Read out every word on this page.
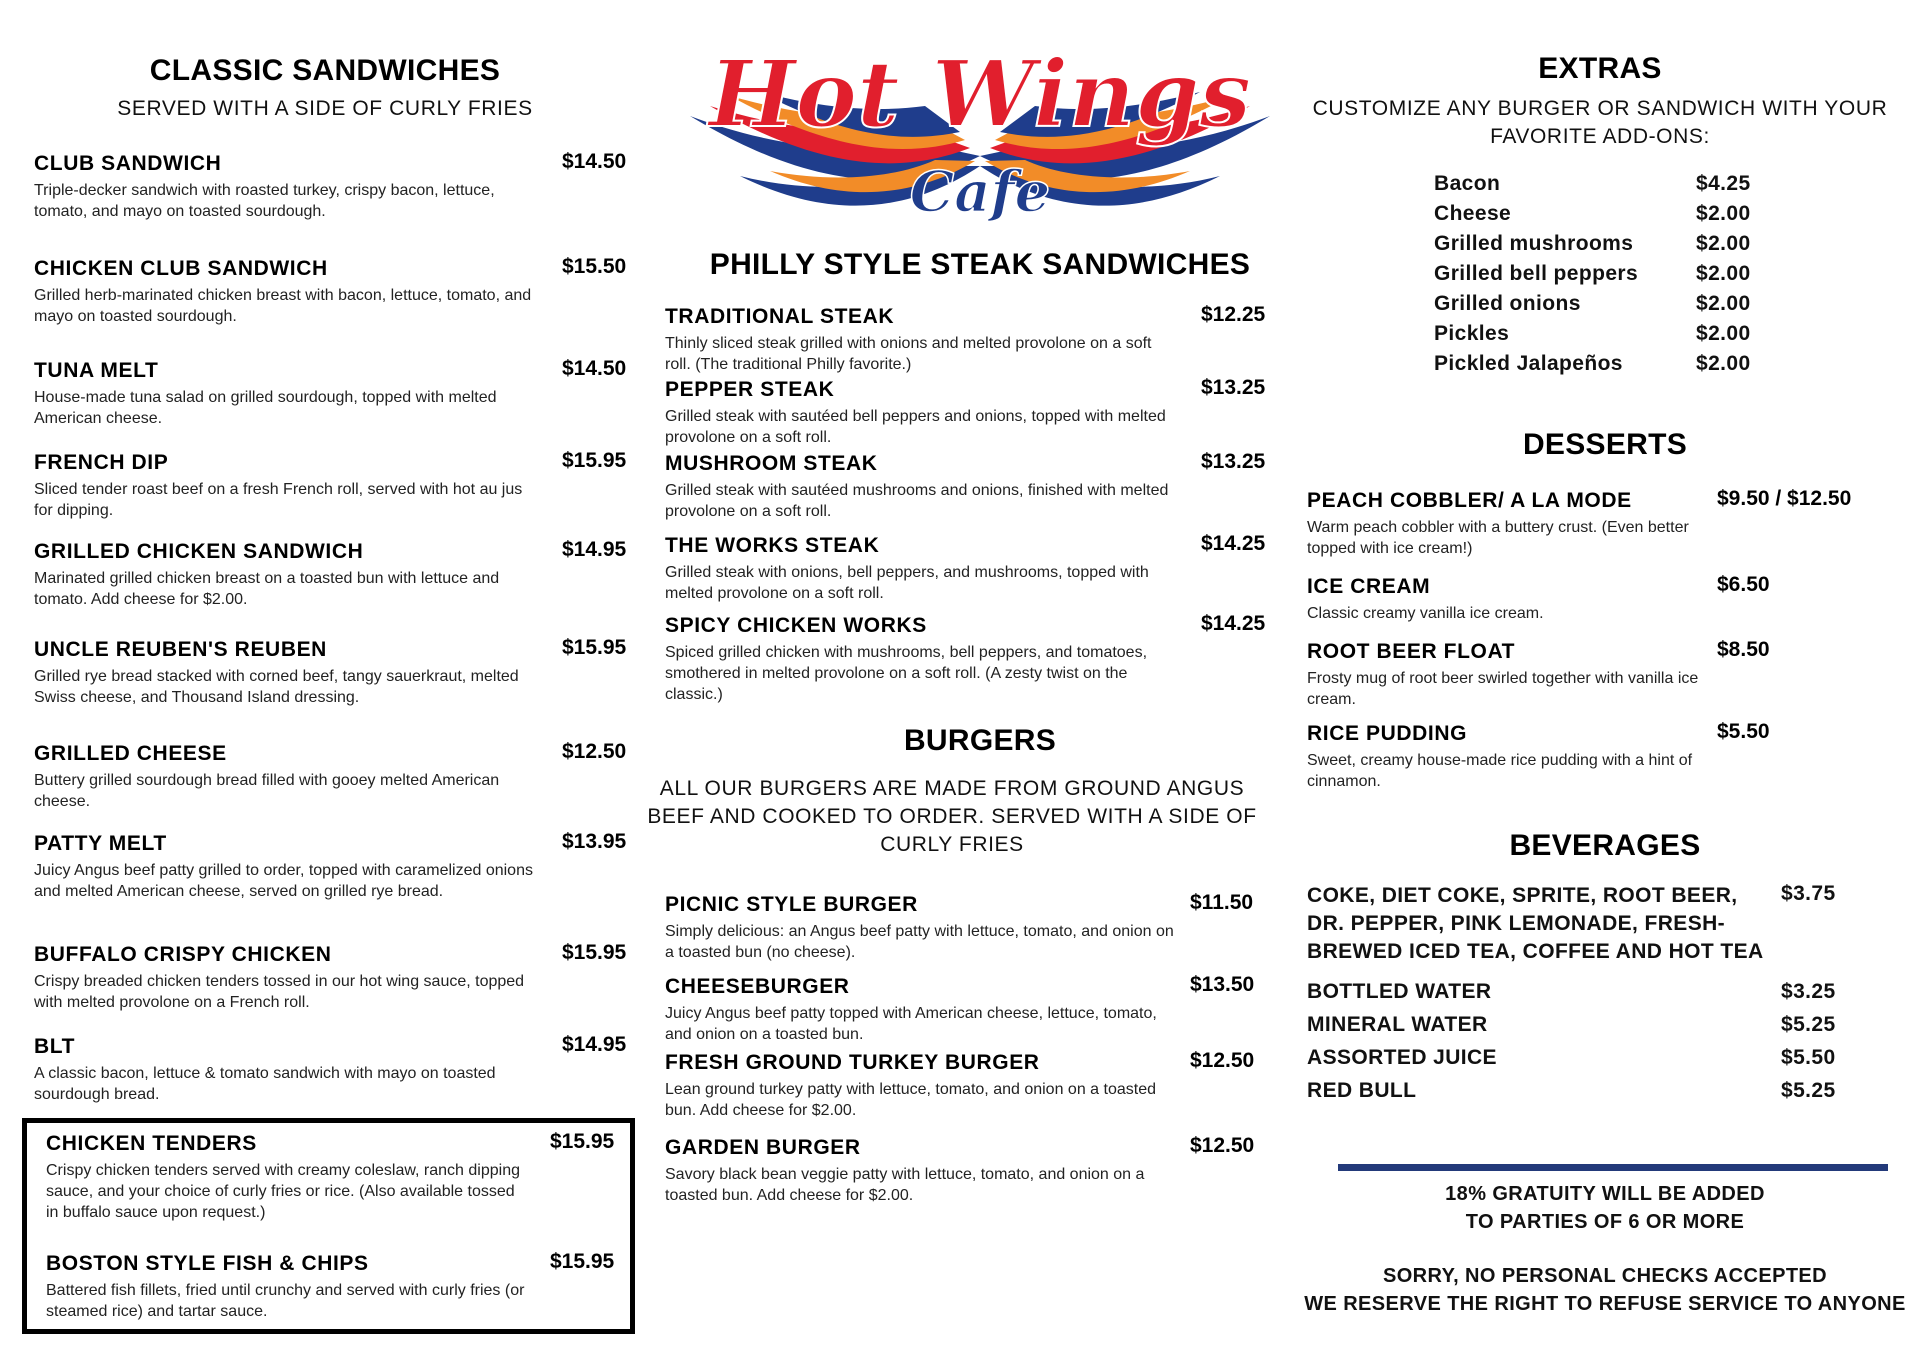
Hot Wings
Cafe
CLASSIC SANDWICHES
SERVED WITH A SIDE OF CURLY FRIES
CLUB SANDWICH	$14.50
Triple-decker sandwich with roasted turkey, crispy bacon, lettuce, tomato, and mayo on toasted sourdough.
CHICKEN CLUB SANDWICH	$15.50
Grilled herb-marinated chicken breast with bacon, lettuce, tomato, and mayo on toasted sourdough.
TUNA MELT	$14.50
House-made tuna salad on grilled sourdough, topped with melted American cheese.
FRENCH DIP	$15.95
Sliced tender roast beef on a fresh French roll, served with hot au jus for dipping.
GRILLED CHICKEN SANDWICH	$14.95
Marinated grilled chicken breast on a toasted bun with lettuce and tomato. Add cheese for $2.00.
UNCLE REUBEN'S REUBEN	$15.95
Grilled rye bread stacked with corned beef, tangy sauerkraut, melted Swiss cheese, and Thousand Island dressing.
GRILLED CHEESE	$12.50
Buttery grilled sourdough bread filled with gooey melted American cheese.
PATTY MELT	$13.95
Juicy Angus beef patty grilled to order, topped with caramelized onions and melted American cheese, served on grilled rye bread.
BUFFALO CRISPY CHICKEN	$15.95
Crispy breaded chicken tenders tossed in our hot wing sauce, topped with melted provolone on a French roll.
BLT	$14.95
A classic bacon, lettuce & tomato sandwich with mayo on toasted sourdough bread.
CHICKEN TENDERS	$15.95
Crispy chicken tenders served with creamy coleslaw, ranch dipping sauce, and your choice of curly fries or rice. (Also available tossed in buffalo sauce upon request.)
BOSTON STYLE FISH & CHIPS	$15.95
Battered fish fillets, fried until crunchy and served with curly fries (or steamed rice) and tartar sauce.
PHILLY STYLE STEAK SANDWICHES
TRADITIONAL STEAK	$12.25
Thinly sliced steak grilled with onions and melted provolone on a soft roll. (The traditional Philly favorite.)
PEPPER STEAK	$13.25
Grilled steak with sautéed bell peppers and onions, topped with melted provolone on a soft roll.
MUSHROOM STEAK	$13.25
Grilled steak with sautéed mushrooms and onions, finished with melted provolone on a soft roll.
THE WORKS STEAK	$14.25
Grilled steak with onions, bell peppers, and mushrooms, topped with melted provolone on a soft roll.
SPICY CHICKEN WORKS	$14.25
Spiced grilled chicken with mushrooms, bell peppers, and tomatoes, smothered in melted provolone on a soft roll. (A zesty twist on the classic.)
BURGERS
ALL OUR BURGERS ARE MADE FROM GROUND ANGUS BEEF AND COOKED TO ORDER. SERVED WITH A SIDE OF CURLY FRIES
PICNIC STYLE BURGER	$11.50
Simply delicious: an Angus beef patty with lettuce, tomato, and onion on a toasted bun (no cheese).
CHEESEBURGER	$13.50
Juicy Angus beef patty topped with American cheese, lettuce, tomato, and onion on a toasted bun.
FRESH GROUND TURKEY BURGER	$12.50
Lean ground turkey patty with lettuce, tomato, and onion on a toasted bun. Add cheese for $2.00.
GARDEN BURGER	$12.50
Savory black bean veggie patty with lettuce, tomato, and onion on a toasted bun. Add cheese for $2.00.
EXTRAS
CUSTOMIZE ANY BURGER OR SANDWICH WITH YOUR FAVORITE ADD-ONS:
Bacon	$4.25
Cheese	$2.00
Grilled mushrooms	$2.00
Grilled bell peppers	$2.00
Grilled onions	$2.00
Pickles	$2.00
Pickled Jalapeños	$2.00
DESSERTS
PEACH COBBLER/ A LA MODE	$9.50 / $12.50
Warm peach cobbler with a buttery crust. (Even better topped with ice cream!)
ICE CREAM	$6.50
Classic creamy vanilla ice cream.
ROOT BEER FLOAT	$8.50
Frosty mug of root beer swirled together with vanilla ice cream.
RICE PUDDING	$5.50
Sweet, creamy house-made rice pudding with a hint of cinnamon.
BEVERAGES
COKE, DIET COKE, SPRITE, ROOT BEER, DR. PEPPER, PINK LEMONADE, FRESH-BREWED ICED TEA, COFFEE AND HOT TEA
$3.75
BOTTLED WATER	$3.25
MINERAL WATER	$5.25
ASSORTED JUICE	$5.50
RED BULL	$5.25
18% GRATUITY WILL BE ADDED
TO PARTIES OF 6 OR MORE
SORRY, NO PERSONAL CHECKS ACCEPTED
WE RESERVE THE RIGHT TO REFUSE SERVICE TO ANYONE
